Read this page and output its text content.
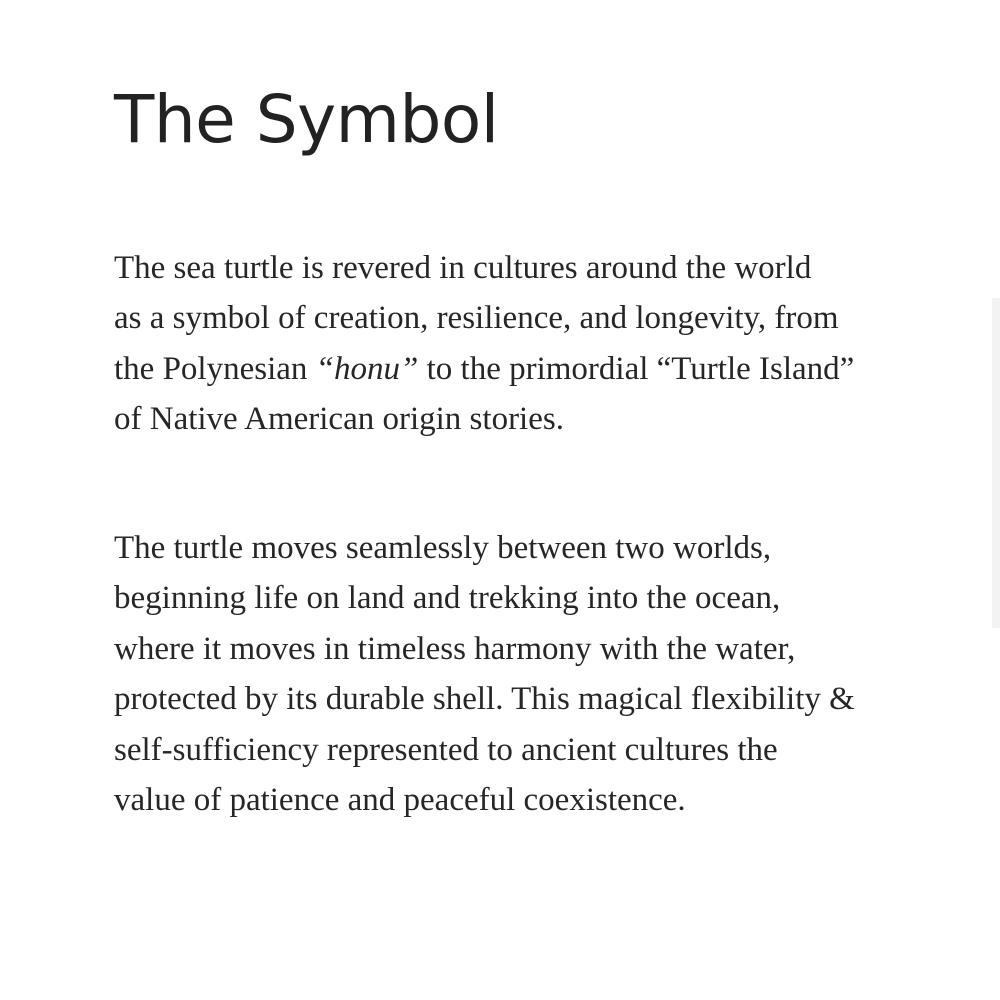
The Symbol

The sea turtle is revered in cultures around the world
as a symbol of creation, resilience, and longevity, from
the Polynesian “honu” to the primordial “Turtle Island”
of Native American origin stories.

The turtle moves seamlessly between two worlds,
beginning life on land and trekking into the ocean,
where it moves in timeless harmony with the water,
protected by its durable shell. This magical flexibility &
self-sufficiency represented to ancient cultures the
value of patience and peaceful coexistence.
